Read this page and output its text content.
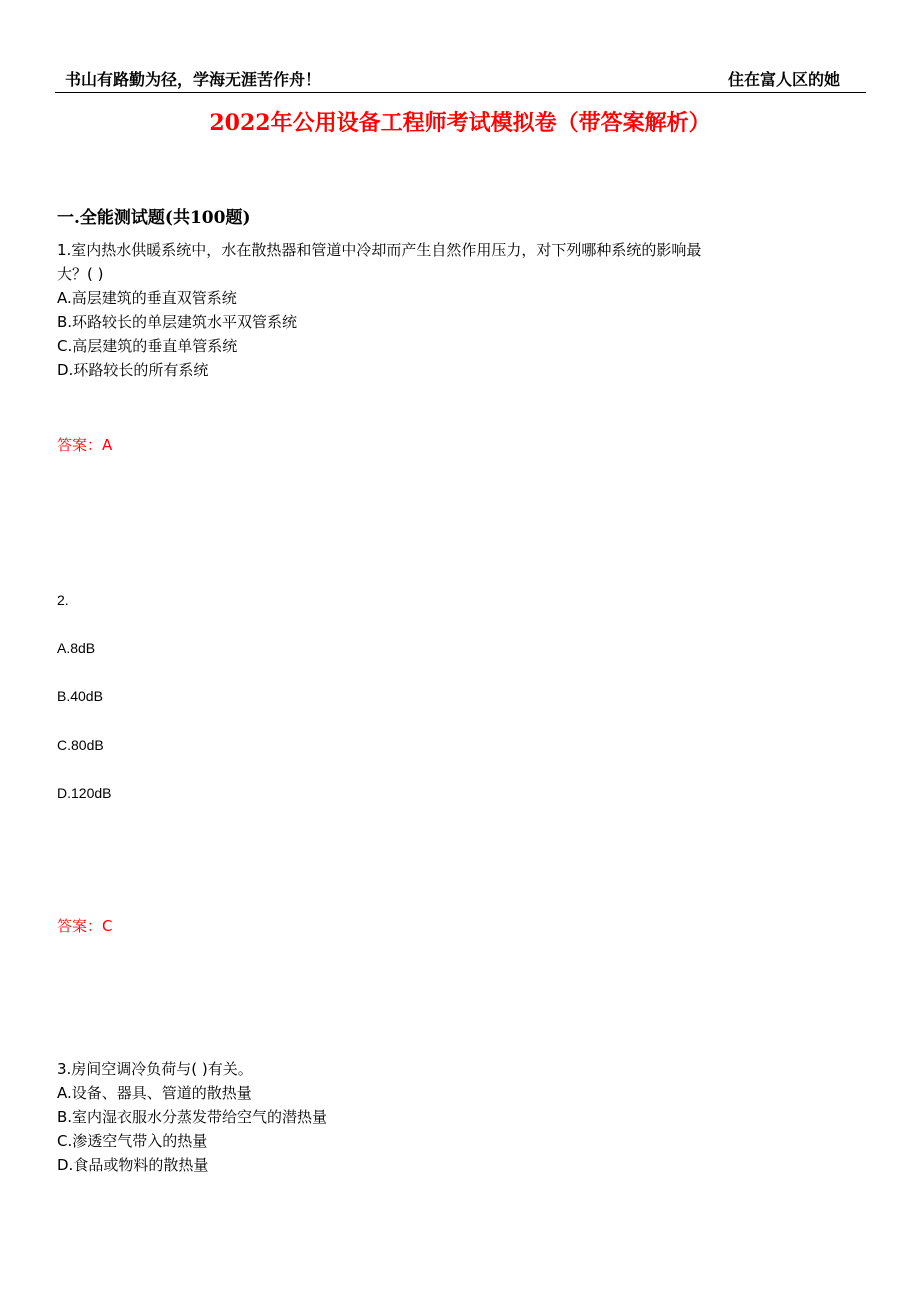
书山有路勤为径，学海无涯苦作舟！	住在富人区的她
2022年公用设备工程师考试模拟卷（带答案解析）
一.全能测试题(共100题)
1.室内热水供暖系统中，水在散热器和管道中冷却而产生自然作用压力，对下列哪种系统的影响最
大？( )
A.高层建筑的垂直双管系统
B.环路较长的单层建筑水平双管系统
C.高层建筑的垂直单管系统
D.环路较长的所有系统
答案：A
2.
A.8dB
B.40dB
C.80dB
D.120dB
答案：C
3.房间空调冷负荷与( )有关。
A.设备、器具、管道的散热量
B.室内湿衣服水分蒸发带给空气的潜热量
C.渗透空气带入的热量
D.食品或物料的散热量
